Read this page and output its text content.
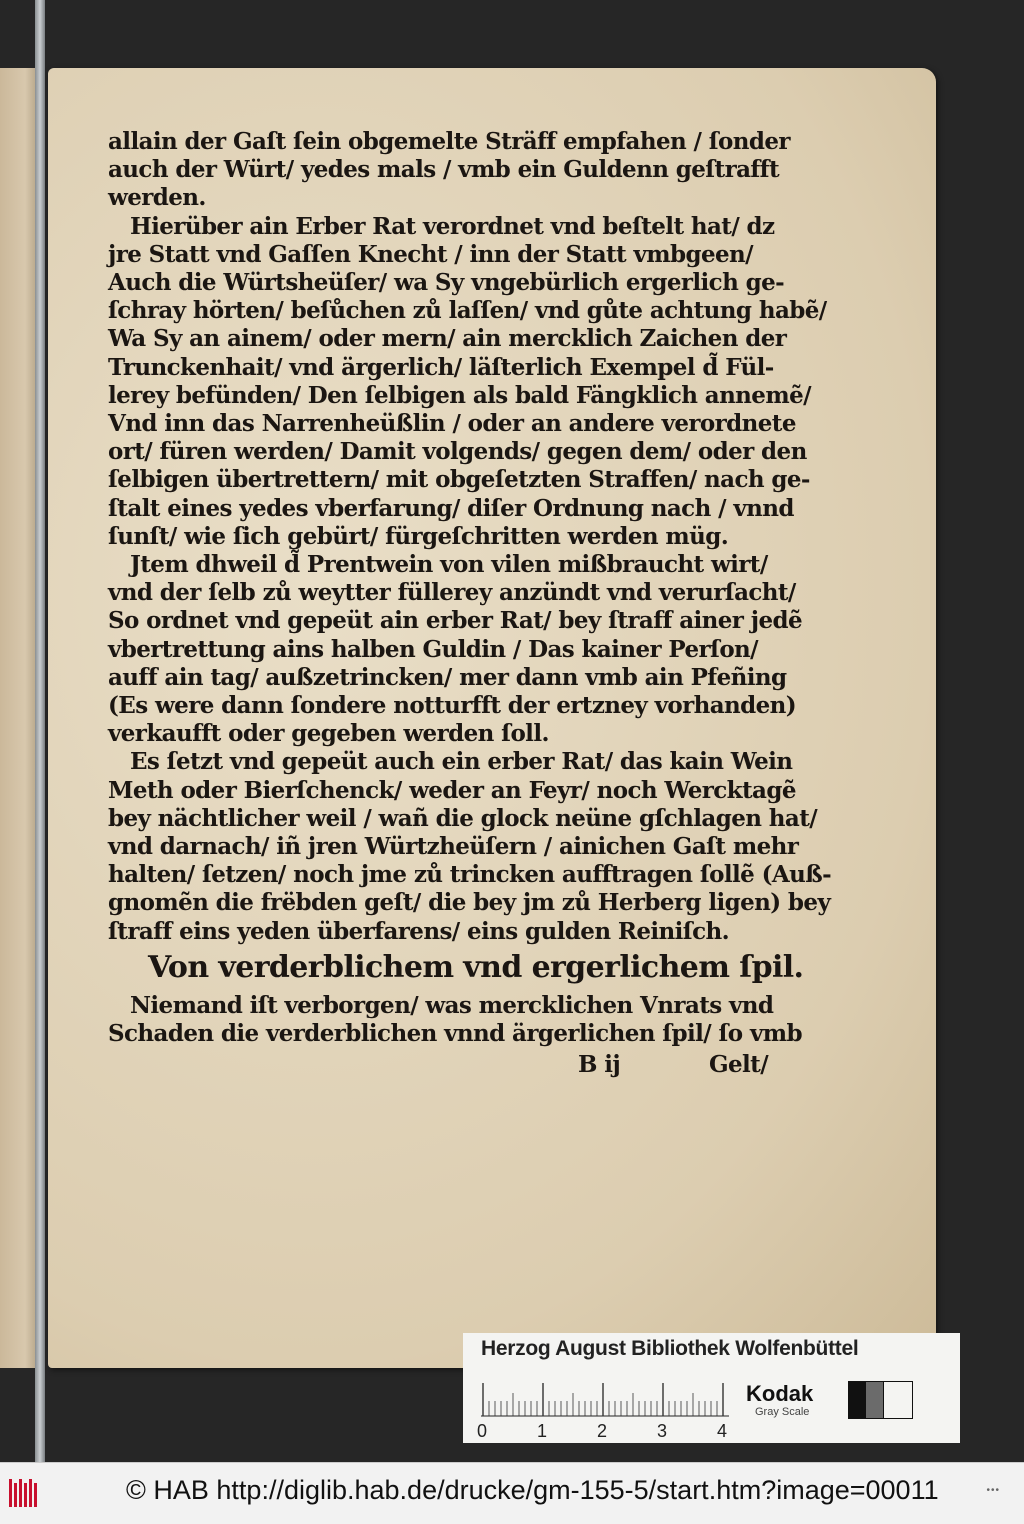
allain der Gaſt ſein obgemelte Sträff empfahen / ſonder
auch der Würt/ yedes mals / vmb ein Guldenn geſtrafft
werden.
Hierüber ain Erber Rat verordnet vnd beſtelt hat/ dz
jre Statt vnd Gaſſen Knecht / inn der Statt vmbgeen/
Auch die Würtsheüſer/ wa Sy vngebürlich ergerlich ge-
ſchray hörten/ beſůchen zů laſſen/ vnd gůte achtung habẽ/
Wa Sy an ainem/ oder mern/ ain mercklich Zaichen der
Trunckenhait/ vnd ärgerlich/ läſterlich Exempel d̃ Fül-
lerey befünden/ Den ſelbigen als bald Fängklich annemẽ/
Vnd inn das Narrenheüßlin / oder an andere verordnete
ort/ füren werden/ Damit volgends/ gegen dem/ oder den
ſelbigen übertrettern/ mit obgeſetzten Straffen/ nach ge-
ſtalt eines yedes vberfarung/ diſer Ordnung nach / vnnd
ſunſt/ wie ſich gebürt/ fürgeſchritten werden müg.
Jtem dhweil d̃ Prentwein von vilen mißbraucht wirt/
vnd der ſelb zů weytter füllerey anzündt vnd verurſacht/
So ordnet vnd gepeüt ain erber Rat/ bey ſtraff ainer jedẽ
vbertrettung ains halben Guldin / Das kainer Perſon/
auff ain tag/ außzetrincken/ mer dann vmb ain Pfeñing
(Es were dann ſondere notturfft der ertzney vorhanden)
verkaufft oder gegeben werden ſoll.
Es ſetzt vnd gepeüt auch ein erber Rat/ das kain Wein
Meth oder Bierſchenck/ weder an Feyr/ noch Wercktagẽ
bey nächtlicher weil / wañ die glock neüne gſchlagen hat/
vnd darnach/ iñ jren Würtzheüſern / ainichen Gaſt mehr
halten/ ſetzen/ noch jme zů trincken aufftragen ſollẽ (Auß-
gnomẽn die frëbden geſt/ die bey jm zů Herberg ligen) bey
ſtraff eins yeden überfarens/ eins gulden Reiniſch.
Von verderblichem vnd ergerlichem ſpil.
Niemand iſt verborgen/ was mercklichen Vnrats vnd
Schaden die verderblichen vnnd ärgerlichen ſpil/ ſo vmb
B ij	Gelt/
Herzog August Bibliothek Wolfenbüttel
0	1	2	3	4
Kodak
Gray Scale
© HAB http://diglib.hab.de/drucke/gm-155-5/start.htm?image=00011	•••
